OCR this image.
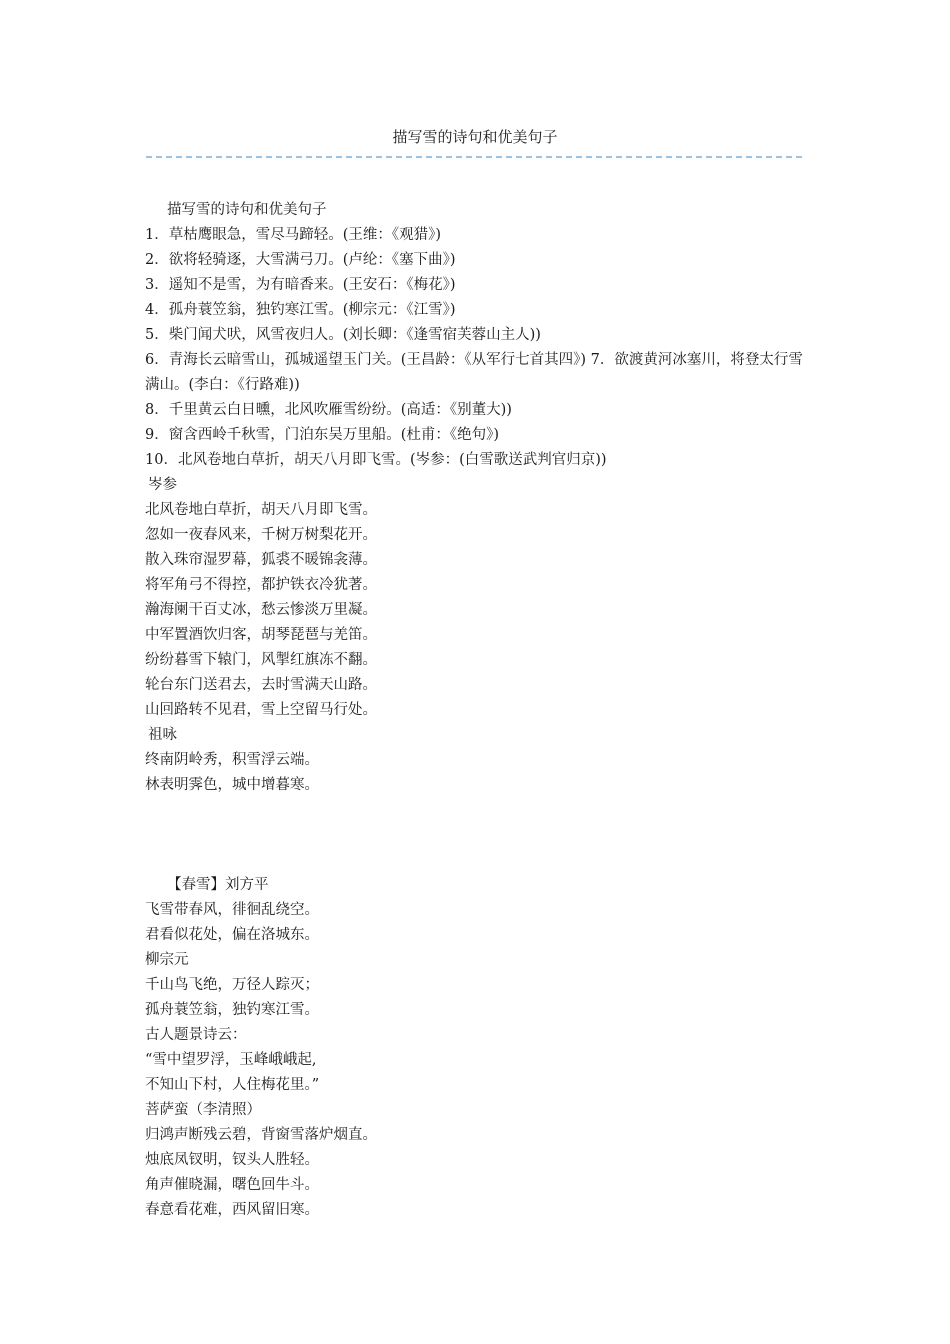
描写雪的诗句和优美句子
描写雪的诗句和优美句子
1．草枯鹰眼急，雪尽马蹄轻。(王维：《观猎》)
2．欲将轻骑逐，大雪满弓刀。(卢纶：《塞下曲》)
3．遥知不是雪，为有暗香来。(王安石：《梅花》)
4．孤舟蓑笠翁，独钓寒江雪。(柳宗元：《江雪》)
5．柴门闻犬吠，风雪夜归人。(刘长卿：《逢雪宿芙蓉山主人))
6．青海长云暗雪山，孤城遥望玉门关。(王昌龄：《从军行七首其四》) 7．欲渡黄河冰塞川，将登太行雪满山。(李白：《行路难))
8．千里黄云白日曛，北风吹雁雪纷纷。(高适：《别董大))
9．窗含西岭千秋雪，门泊东吴万里船。(杜甫：《绝句》)
10．北风卷地白草折，胡天八月即飞雪。(岑参：(白雪歌送武判官归京))
岑参
北风卷地白草折，胡天八月即飞雪。
忽如一夜春风来，千树万树梨花开。
散入珠帘湿罗幕，狐裘不暖锦衾薄。
将军角弓不得控，都护铁衣冷犹著。
瀚海阑干百丈冰，愁云惨淡万里凝。
中军置酒饮归客，胡琴琵琶与羌笛。
纷纷暮雪下辕门，风掣红旗冻不翻。
轮台东门送君去，去时雪满天山路。
山回路转不见君，雪上空留马行处。
祖咏
终南阴岭秀，积雪浮云端。
林表明霁色，城中增暮寒。
【春雪】刘方平
飞雪带春风，徘徊乱绕空。
君看似花处，偏在洛城东。
柳宗元
千山鸟飞绝，万径人踪灭；
孤舟蓑笠翁，独钓寒江雪。
古人题景诗云：
“雪中望罗浮，玉峰峨峨起,
不知山下村，人住梅花里。”
菩萨蛮（李清照）
归鸿声断残云碧，背窗雪落炉烟直。
烛底凤钗明，钗头人胜轻。
角声催晓漏，曙色回牛斗。
春意看花难，西风留旧寒。
